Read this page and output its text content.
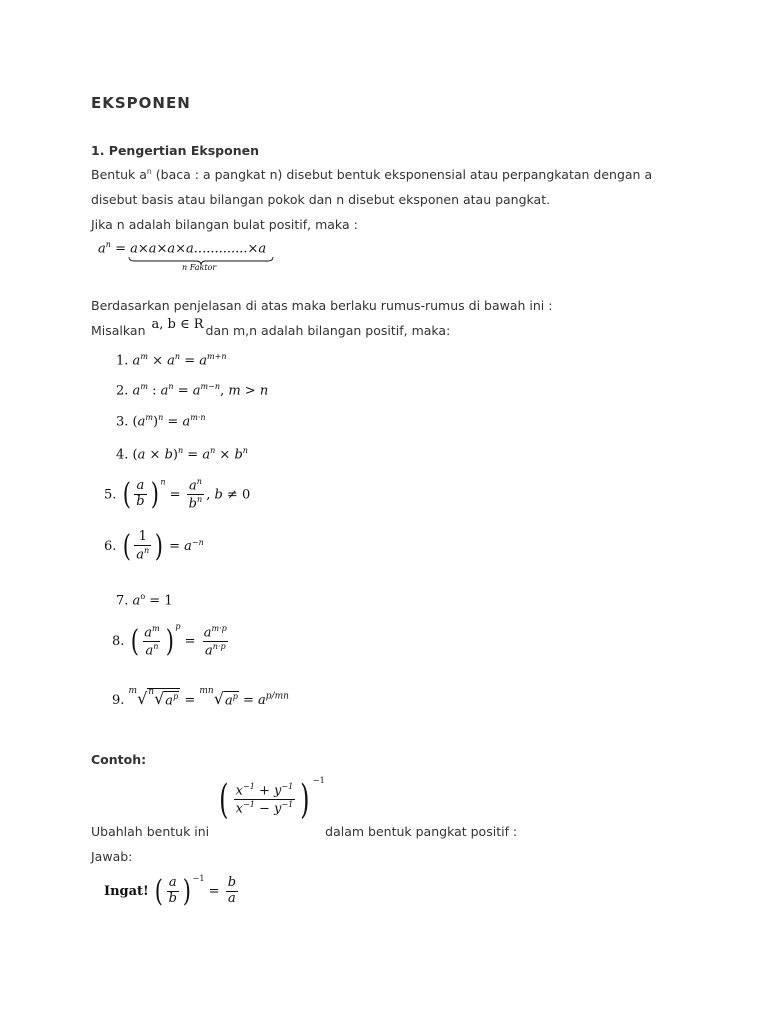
EKSPONEN
1. Pengertian Eksponen
Bentuk $a^n$ (baca : a pangkat n) disebut bentuk eksponensial atau perpangkatan dengan a
disebut basis atau bilangan pokok dan n disebut eksponen atau pangkat.
Jika n adalah bilangan bulat positif, maka :
$a^n = a\times a\times a\times a.............\times a$
n Faktor
Berdasarkan penjelasan di atas maka berlaku rumus-rumus di bawah ini :
Misalkan a, b ∈ R dan m,n adalah bilangan positif, maka:
1. $a^m \times a^n = a^{m+n}$
2. $a^m$ : $a^n = a^{m-n}$, m > n
3. $(a^m)^n = a^{m\cdot n}$
4. $(a \times b)^n = a^n \times b^n$
5. ( $\frac{a}{b}$ ) $^n = \frac{a^n}{b^n}$ , b ≠ 0
6. ( $\frac{1}{a^n}$ ) = $a^{-n}$
7. $a^o = 1$
8. ( $\frac{a^m}{a^n}$ ) $^p = \frac{a^{m\cdot p}}{a^{n\cdot p}}$
9. $^m√^n√a^p = ^{mn}√a^p = a^{p/mn}$
Contoh:
( $\frac{x^{-1} + y^{-1}}{x^{-1} - y^{-1}}$ ) $^{-1}$
Ubahlah bentuk ini	dalam bentuk pangkat positif :
Jawab:
Ingat! ( $\frac{a}{b}$ ) $^{-1} = \frac{b}{a}$
